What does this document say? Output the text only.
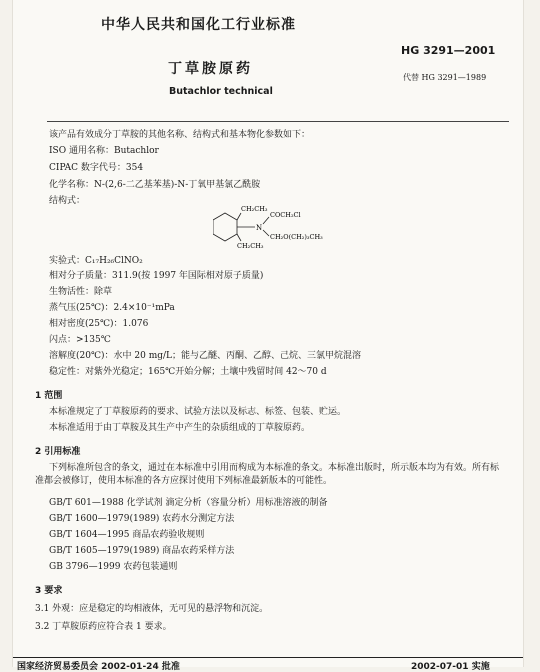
中华人民共和国化工行业标准
HG 3291—2001
丁草胺原药
代替 HG 3291—1989
Butachlor technical
该产品有效成分丁草胺的其他名称、结构式和基本物化参数如下：
ISO 通用名称：Butachlor
CIPAC 数字代号：354
化学名称：N-(2,6-二乙基苯基)-N-丁氧甲基氯乙酰胺
结构式：
CH₂CH₃
COCH₂Cl
N
CH₂O(CH₂)₃CH₃
CH₂CH₃
实验式：C₁₇H₂₆ClNO₂
相对分子质量：311.9(按 1997 年国际相对原子质量)
生物活性：除草
蒸气压(25℃)：2.4×10⁻¹mPa
相对密度(25℃)：1.076
闪点：>135℃
溶解度(20℃)：水中 20 mg/L；能与乙醚、丙酮、乙醇、己烷、三氯甲烷混溶
稳定性：对紫外光稳定；165℃开始分解；土壤中残留时间 42～70 d
1 范围
本标准规定了丁草胺原药的要求、试验方法以及标志、标签、包装、贮运。
本标准适用于由丁草胺及其生产中产生的杂质组成的丁草胺原药。
2 引用标准
下列标准所包含的条文，通过在本标准中引用而构成为本标准的条文。本标准出版时，所示版本均为有效。所有标准都会被修订，使用本标准的各方应探讨使用下列标准最新版本的可能性。
GB/T 601—1988 化学试剂 滴定分析（容量分析）用标准溶液的制备
GB/T 1600—1979(1989) 农药水分测定方法
GB/T 1604—1995 商品农药验收规则
GB/T 1605—1979(1989) 商品农药采样方法
GB 3796—1999 农药包装通则
3 要求
3.1 外观：应是稳定的均相液体，无可见的悬浮物和沉淀。
3.2 丁草胺原药应符合表 1 要求。
国家经济贸易委员会 2002-01-24 批准	2002-07-01 实施
